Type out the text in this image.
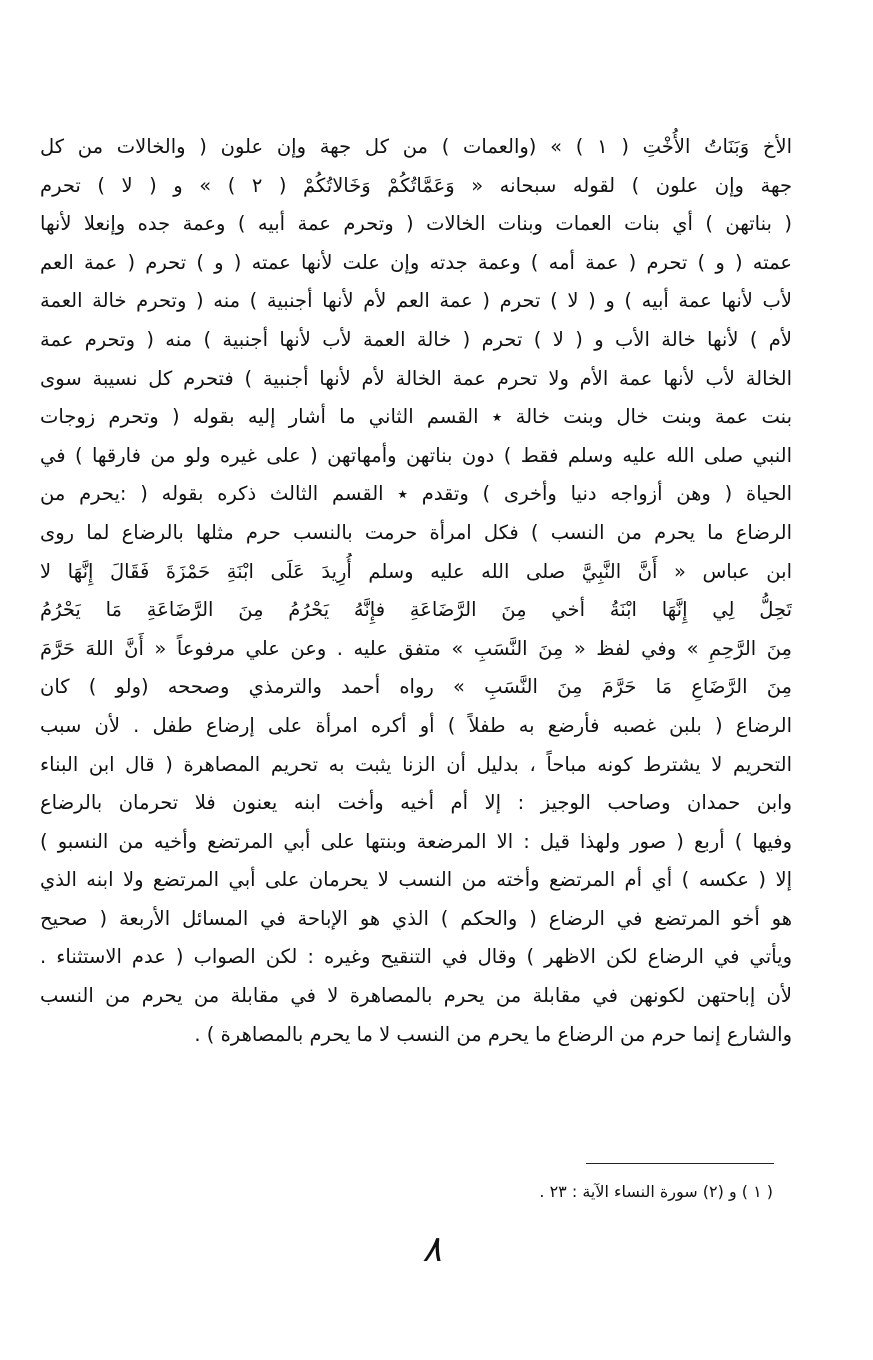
الأخ وَبَنَاتُ الأُخْتِ ( ١ ) » (والعمات ) من كل جهة وإن علون ( والخالات من كل
جهة وإن علون ) لقوله سبحانه « وَعَمَّاتُكُمْ وَخَالاتُكُمْ ( ٢ ) » و ( لا ) تحرم
( بناتهن ) أي بنات العمات وبنات الخالات ( وتحرم عمة أبيه ) وعمة جده وإنعلا لأنها
عمته ( و ) تحرم ( عمة أمه ) وعمة جدته وإن علت لأنها عمته ( و ) تحرم ( عمة العم
لأب لأنها عمة أبيه ) و ( لا ) تحرم ( عمة العم لأم لأنها أجنبية ) منه ( وتحرم خالة العمة
لأم ) لأنها خالة الأب و ( لا ) تحرم ( خالة العمة لأب لأنها أجنبية ) منه ( وتحرم عمة
الخالة لأب لأنها عمة الأم ولا تحرم عمة الخالة لأم لأنها أجنبية ) فتحرم كل نسيبة سوى
بنت عمة وبنت خال وبنت خالة ٭ القسم الثاني ما أشار إليه بقوله ( وتحرم زوجات
النبي صلى الله عليه وسلم فقط ) دون بناتهن وأمهاتهن ( على غيره ولو من فارقها ) في
الحياة ( وهن أزواجه دنيا وأخرى ) وتقدم ٭ القسم الثالث ذكره بقوله ( :يحرم من
الرضاع ما يحرم من النسب ) فكل امرأة حرمت بالنسب حرم مثلها بالرضاع لما روى
ابن عباس « أَنَّ النَّبِيَّ صلى الله عليه وسلم أُرِيدَ عَلَى ابْنَةِ حَمْزَةَ فَقَالَ إِنَّهَا لا
تَحِلُّ لِي إِنَّهَا ابْنَةُ أخي مِنَ الرَّضَاعَةِ فإِنَّهُ يَحْرُمُ مِنَ الرَّضَاعَةِ مَا يَحْرُمُ
مِنَ الرَّحِمِ » وفي لفظ « مِنَ النَّسَبِ » متفق عليه . وعن علي مرفوعاً « أَنَّ اللهَ حَرَّمَ
مِنَ الرَّضَاعِ مَا حَرَّمَ مِنَ النَّسَبِ » رواه أحمد والترمذي وصححه (ولو ) كان
الرضاع ( بلبن غصبه فأرضع به طفلاً ) أو أكره امرأة على إرضاع طفل . لأن سبب
التحريم لا يشترط كونه مباحاً ، بدليل أن الزنا يثبت به تحريم المصاهرة ( قال ابن البناء
وابن حمدان وصاحب الوجيز : إلا أم أخيه وأخت ابنه يعنون فلا تحرمان بالرضاع
وفيها ) أربع ( صور ولهذا قيل : الا المرضعة وبنتها على أبي المرتضع وأخيه من النسبو )
إلا ( عكسه ) أي أم المرتضع وأخته من النسب لا يحرمان على أبي المرتضع ولا ابنه الذي
هو أخو المرتضع في الرضاع ( والحكم ) الذي هو الإباحة في المسائل الأربعة ( صحيح
ويأتي في الرضاع لكن الاظهر ) وقال في التنقيح وغيره : لكن الصواب ( عدم الاستثناء .
لأن إباحتهن لكونهن في مقابلة من يحرم بالمصاهرة لا في مقابلة من يحرم من النسب
والشارع إنما حرم من الرضاع ما يحرم من النسب لا ما يحرم بالمصاهرة ) .
( ١ ) و (٢) سورة النساء الآية : ٢٣ .
٨
